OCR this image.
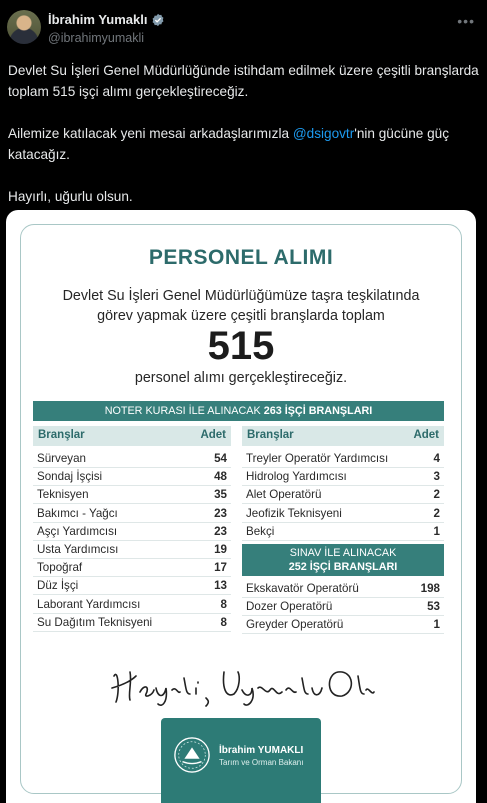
İbrahim Yumaklı
@ibrahimyumakli
•••

Devlet Su İşleri Genel Müdürlüğünde istihdam edilmek üzere çeşitli branşlarda toplam 515 işçi alımı gerçekleştireceğiz.

Ailemize katılacak yeni mesai arkadaşlarımızla @dsigovtr'nin gücüne güç katacağız.

Hayırlı, uğurlu olsun.

PERSONEL ALIMI
Devlet Su İşleri Genel Müdürlüğümüze taşra teşkilatında
görev yapmak üzere çeşitli branşlarda toplam
515
personel alımı gerçekleştireceğiz.
NOTER KURASI İLE ALINACAK 263 İŞÇİ BRANŞLARI
Branşlar	Adet Branşlar	Adet
Sürveyan	54
Sondaj İşçisi	48
Teknisyen	35
Bakımcı - Yağcı	23
Aşçı Yardımcısı	23
Usta Yardımcısı	19
Topoğraf	17
Düz İşçi	13
Laborant Yardımcısı	8
Su Dağıtım Teknisyeni	8
Treyler Operatör Yardımcısı	4
Hidrolog Yardımcısı	3
Alet Operatörü	2
Jeofizik Teknisyeni	2
Bekçi	1
SINAV İLE ALINACAK
252 İŞÇİ BRANŞLARI
Ekskavatör Operatörü	198
Dozer Operatörü	53
Greyder Operatörü	1
İbrahim YUMAKLI
Tarım ve Orman Bakanı
